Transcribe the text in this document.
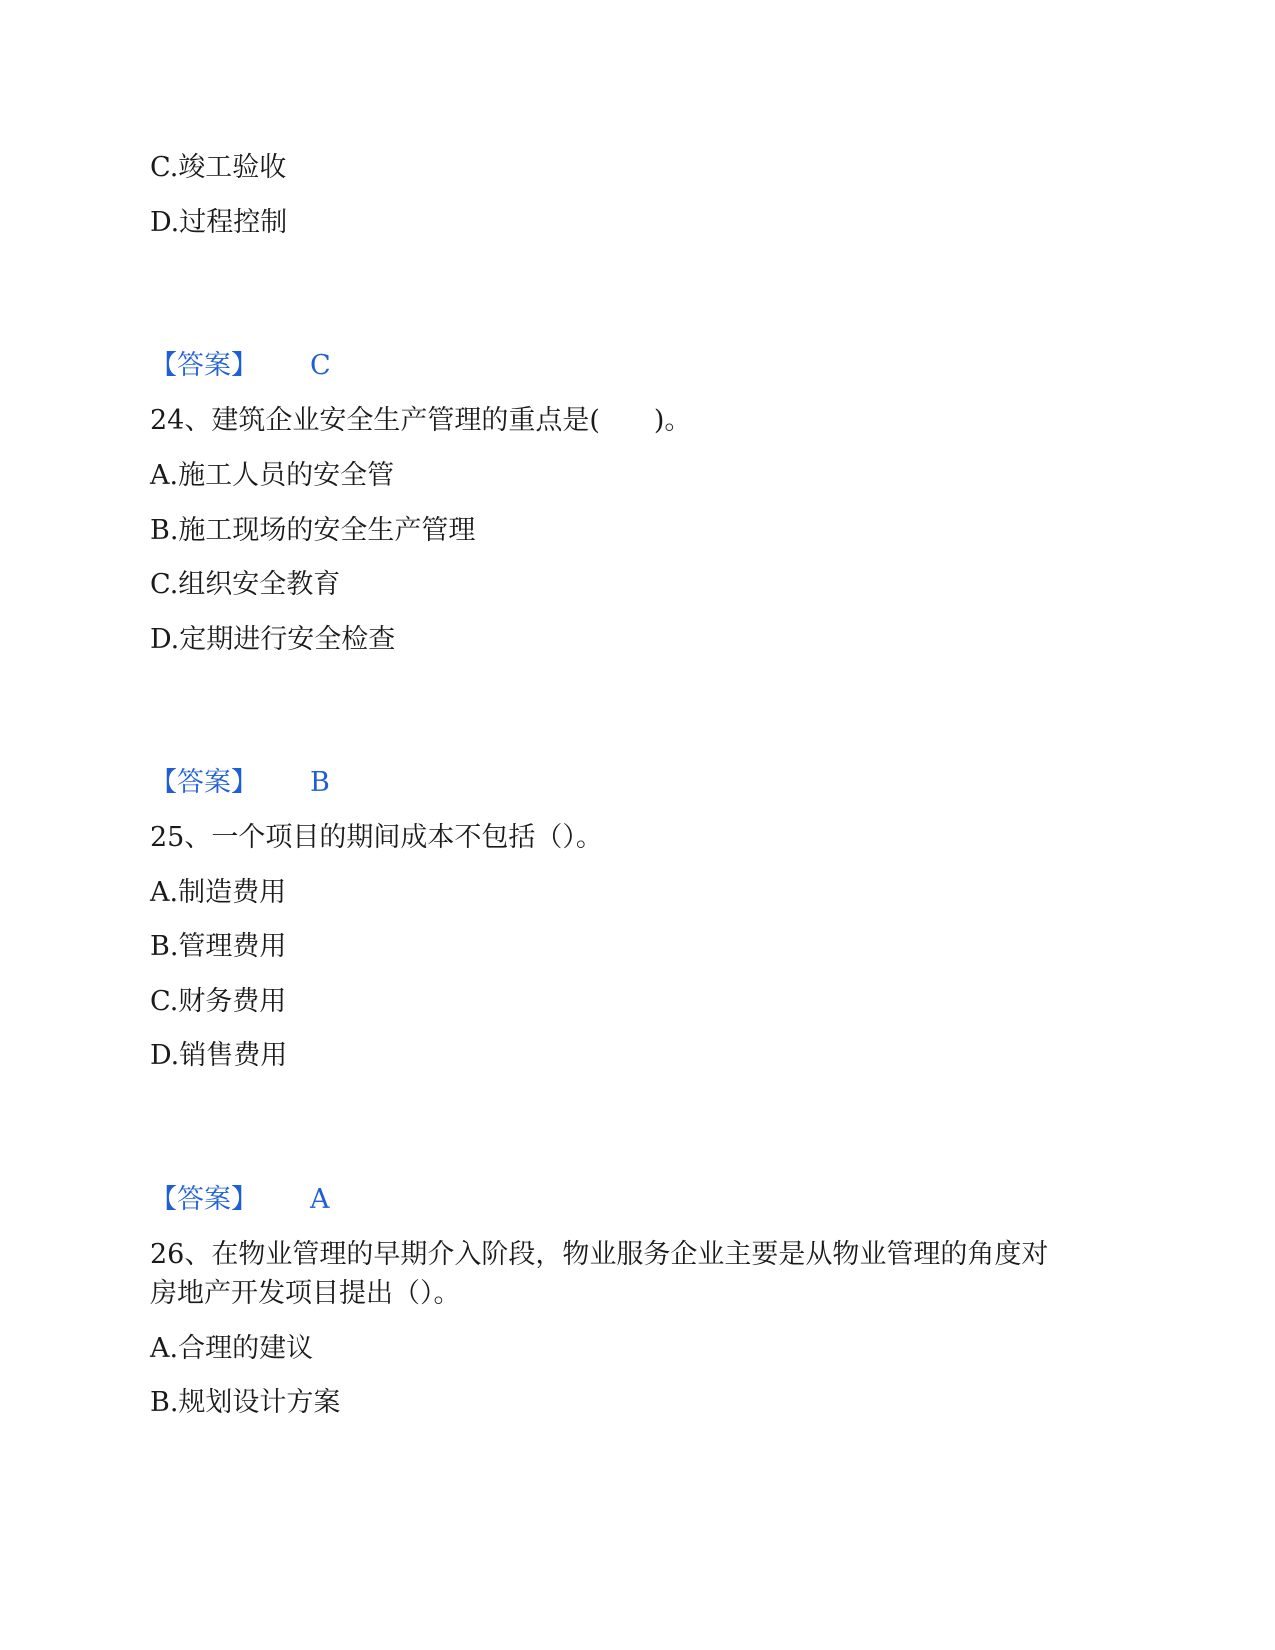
C.竣工验收
D.过程控制
【答案】 C
24、建筑企业安全生产管理的重点是(　　)。
A.施工人员的安全管
B.施工现场的安全生产管理
C.组织安全教育
D.定期进行安全检查
【答案】 B
25、一个项目的期间成本不包括（）。
A.制造费用
B.管理费用
C.财务费用
D.销售费用
【答案】 A
26、在物业管理的早期介入阶段，物业服务企业主要是从物业管理的角度对
房地产开发项目提出（）。
A.合理的建议
B.规划设计方案
